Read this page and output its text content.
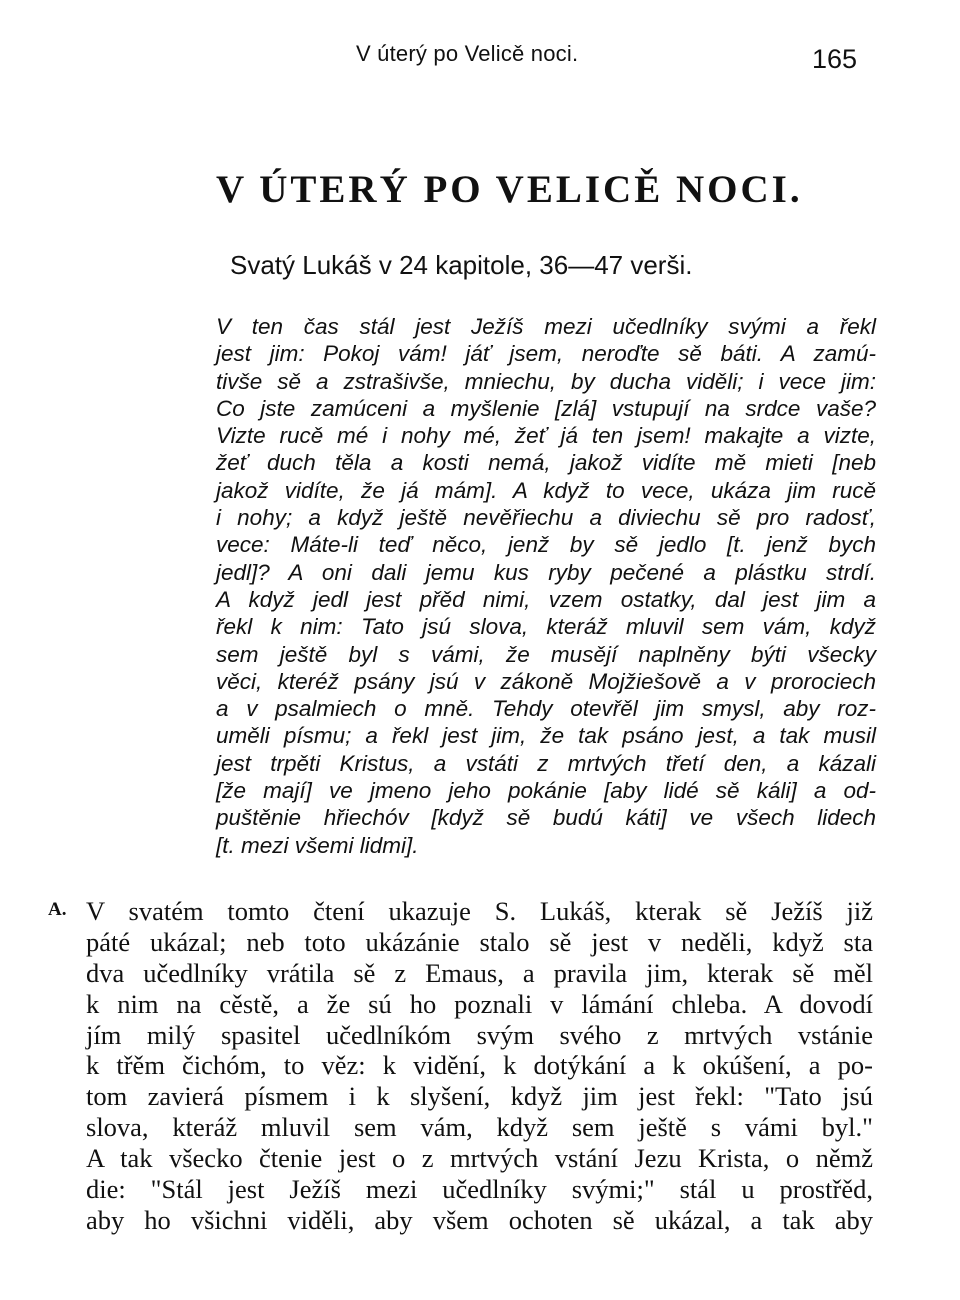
V úterý po Velicě noci.	165
V ÚTERÝ PO VELICĚ NOCI.
Svatý Lukáš v 24 kapitole, 36—47 verši.
V ten čas stál jest Ježíš mezi učedlníky svými a řekl
jest jim: Pokoj vám! jáť jsem, neroďte sě báti. A zamú-
tivše sě a zstrašivše, mniechu, by ducha viděli; i vece jim:
Co jste zamúceni a myšlenie [zlá] vstupují na srdce vaše?
Vizte rucě mé i nohy mé, žeť já ten jsem! makajte a vizte,
žeť duch těla a kosti nemá, jakož vidíte mě mieti [neb
jakož vidíte, že já mám]. A když to vece, ukáza jim rucě
i nohy; a když ještě nevěřiechu a diviechu sě pro radosť,
vece: Máte-li teď něco, jenž by sě jedlo [t. jenž bych
jedl]? A oni dali jemu kus ryby pečené a plástku strdí.
A když jedl jest přěd nimi, vzem ostatky, dal jest jim a
řekl k nim: Tato jsú slova, kteráž mluvil sem vám, když
sem ještě byl s vámi, že musějí naplněny býti všecky
věci, kteréž psány jsú v zákoně Mojžiešově a v prorociech
a v psalmiech o mně. Tehdy otevřěl jim smysl, aby roz-
uměli písmu; a řekl jest jim, že tak psáno jest, a tak musil
jest trpěti Kristus, a vstáti z mrtvých třetí den, a kázali
[že mají] ve jmeno jeho pokánie [aby lidé sě káli] a od-
puštěnie hřiechóv [když sě budú káti] ve všech lidech
[t. mezi všemi lidmi].
A. V svatém tomto čtení ukazuje S. Lukáš, kterak sě Ježíš již
páté ukázal; neb toto ukázánie stalo sě jest v neděli, když sta
dva učedlníky vrátila sě z Emaus, a pravila jim, kterak sě měl
k nim na cěstě, a že sú ho poznali v lámání chleba. A dovodí
jím milý spasitel učedlníkóm svým svého z mrtvých vstánie
k třěm čichóm, to věz: k vidění, k dotýkání a k okúšení, a po-
tom zavierá písmem i k slyšení, když jim jest řekl: "Tato jsú
slova, kteráž mluvil sem vám, když sem ještě s vámi byl."
A tak všecko čtenie jest o z mrtvých vstání Jezu Krista, o němž
die: "Stál jest Ježíš mezi učedlníky svými;" stál u prostřěd,
aby ho všichni viděli, aby všem ochoten sě ukázal, a tak aby
